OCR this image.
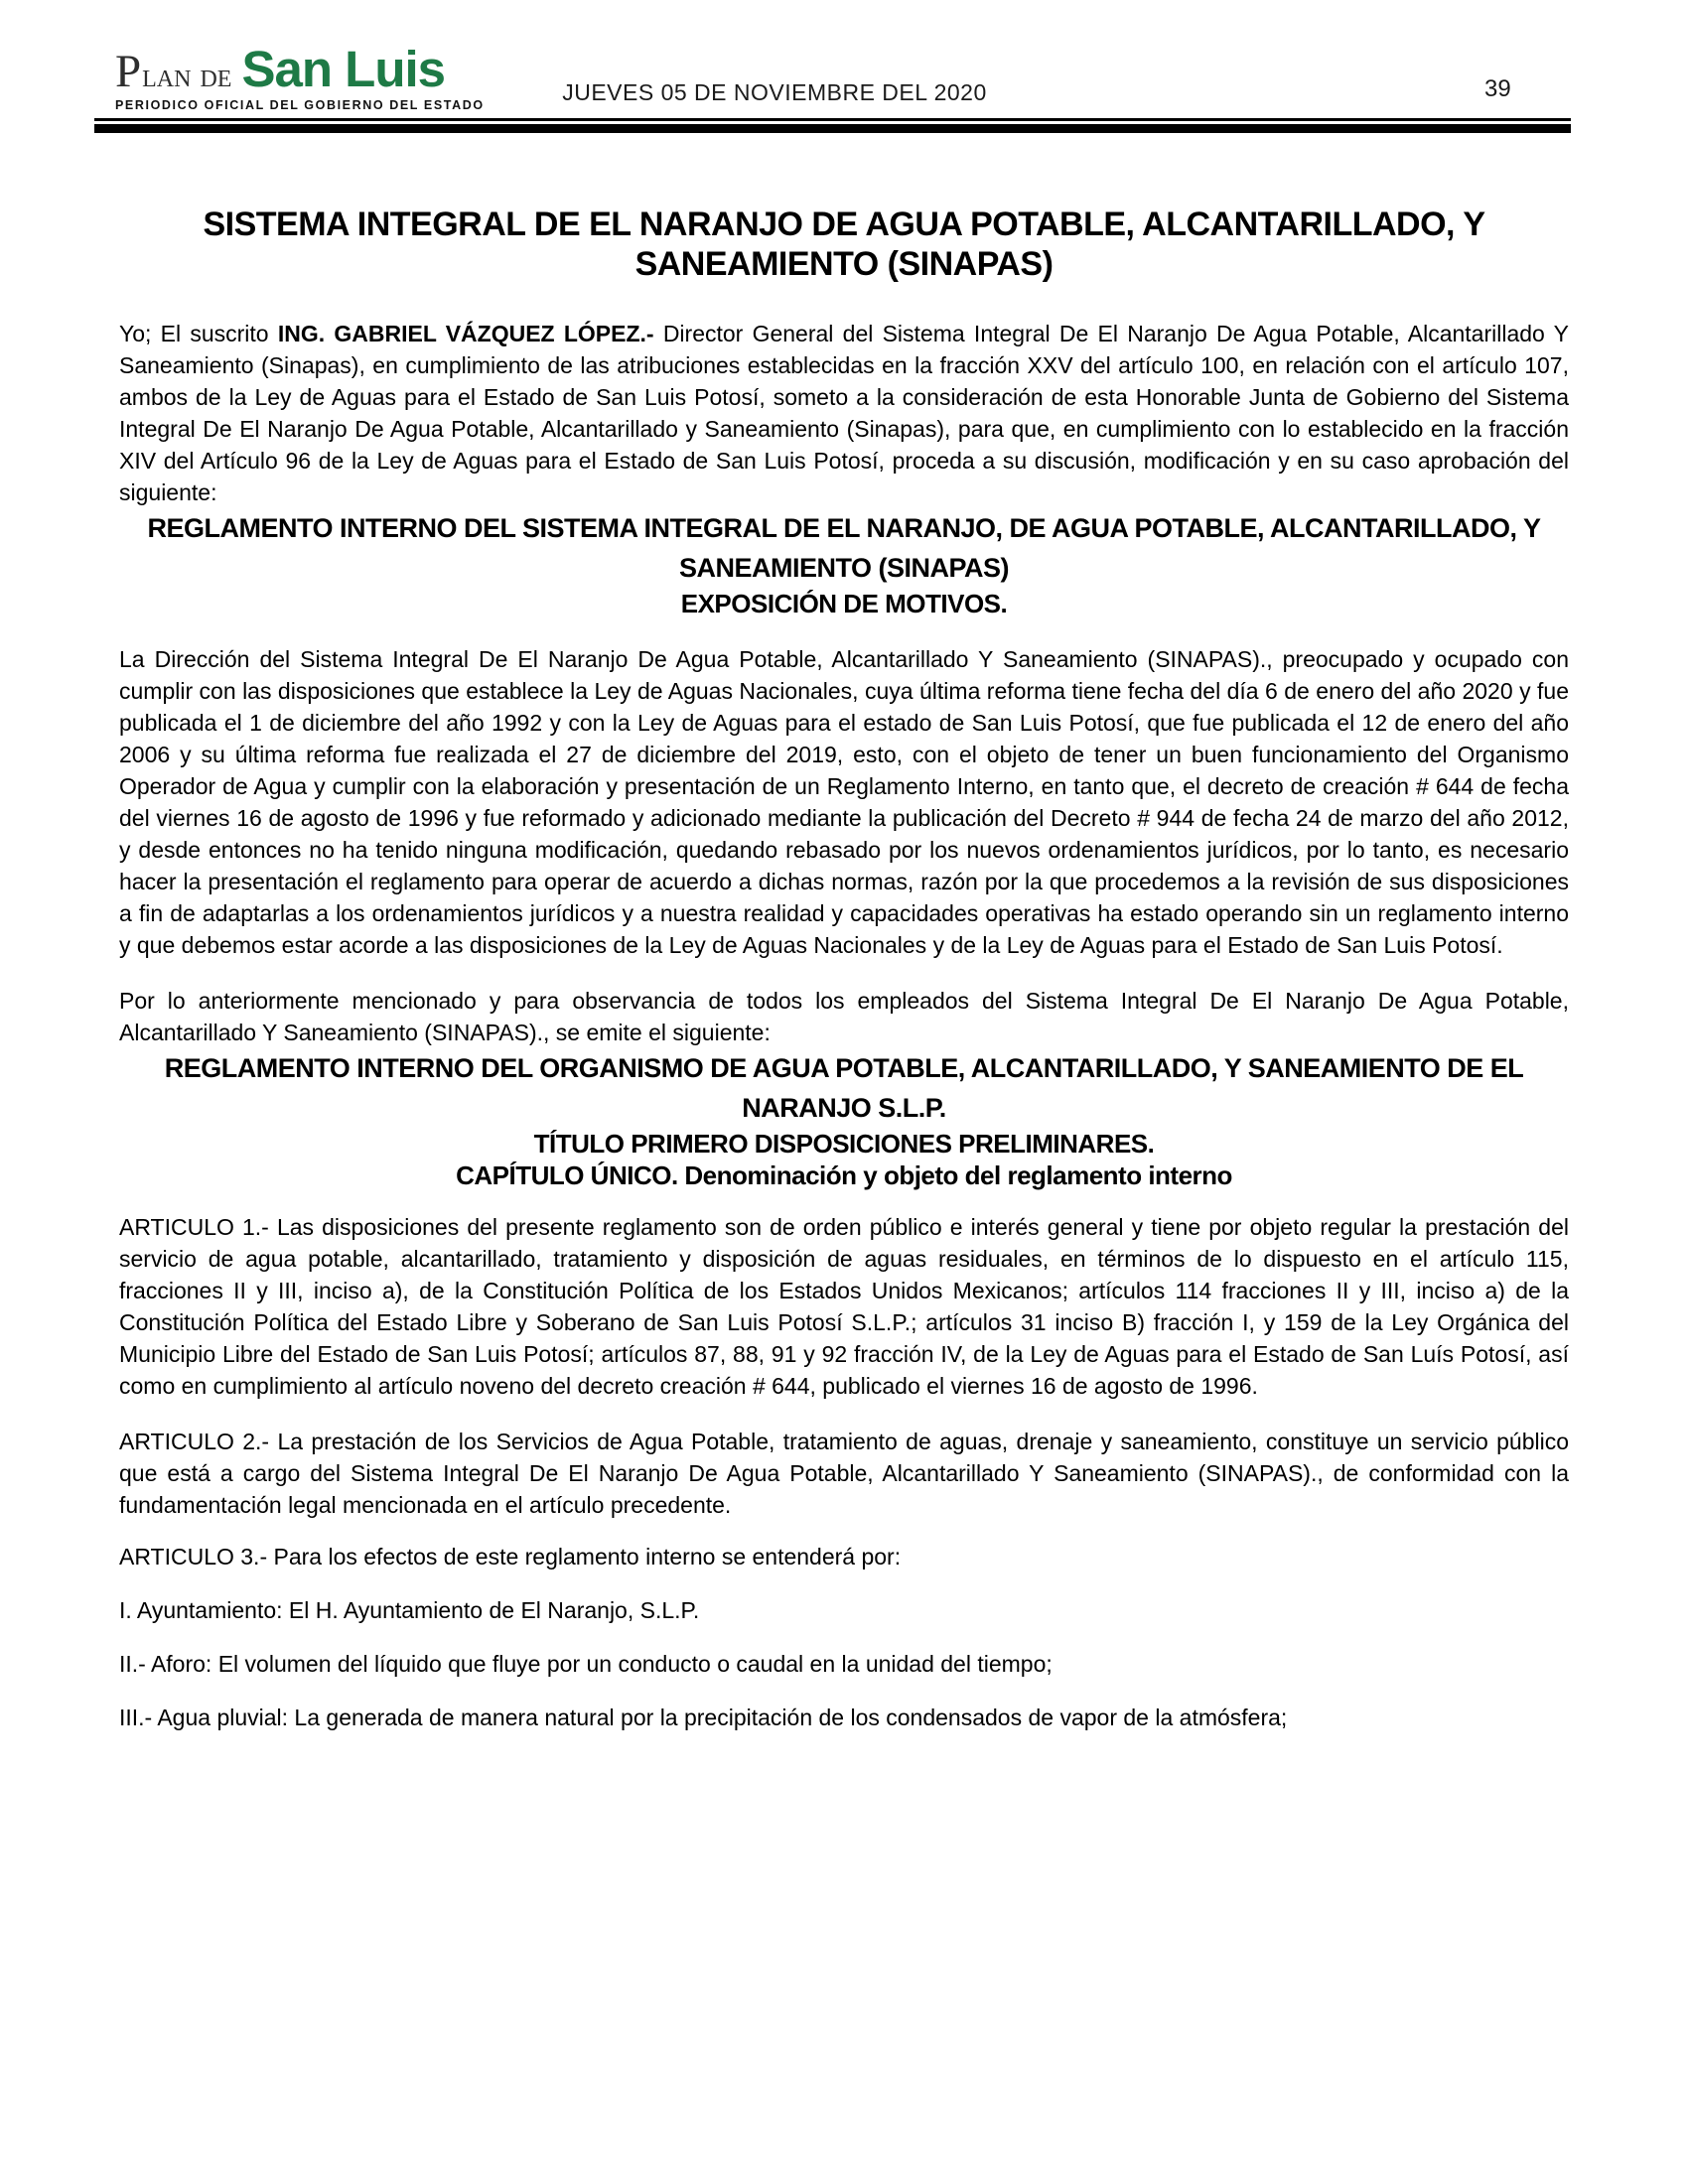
P LAN DE San Luis
PERIODICO OFICIAL DEL GOBIERNO DEL ESTADO	JUEVES 05 DE NOVIEMBRE DEL 2020	39
SISTEMA INTEGRAL DE EL NARANJO DE AGUA POTABLE, ALCANTARILLADO, Y SANEAMIENTO (SINAPAS)

Yo; El suscrito ING. GABRIEL VÁZQUEZ LÓPEZ.- Director General del Sistema Integral De El Naranjo De Agua Potable, Alcantarillado Y Saneamiento (Sinapas), en cumplimiento de las atribuciones establecidas en la fracción XXV del artículo 100, en relación con el artículo 107, ambos de la Ley de Aguas para el Estado de San Luis Potosí, someto a la consideración de esta Honorable Junta de Gobierno del Sistema Integral De El Naranjo De Agua Potable, Alcantarillado y Saneamiento (Sinapas), para que, en cumplimiento con lo establecido en la fracción XIV del Artículo 96 de la Ley de Aguas para el Estado de San Luis Potosí, proceda a su discusión, modificación y en su caso aprobación del siguiente:

REGLAMENTO INTERNO DEL SISTEMA INTEGRAL DE EL NARANJO, DE AGUA POTABLE, ALCANTARILLADO, Y SANEAMIENTO (SINAPAS)
EXPOSICIÓN DE MOTIVOS.

La Dirección del Sistema Integral De El Naranjo De Agua Potable, Alcantarillado Y Saneamiento (SINAPAS)., preocupado y ocupado con cumplir con las disposiciones que establece la Ley de Aguas Nacionales, cuya última reforma tiene fecha del día 6 de enero del año 2020 y fue publicada el 1 de diciembre del año 1992 y con la Ley de Aguas para el estado de San Luis Potosí, que fue publicada el 12 de enero del año 2006 y su última reforma fue realizada el 27 de diciembre del 2019, esto, con el objeto de tener un buen funcionamiento del Organismo Operador de Agua y cumplir con la elaboración y presentación de un Reglamento Interno, en tanto que, el decreto de creación # 644 de fecha del viernes 16 de agosto de 1996 y fue reformado y adicionado mediante la publicación del Decreto # 944 de fecha 24 de marzo del año 2012, y desde entonces no ha tenido ninguna modificación, quedando rebasado por los nuevos ordenamientos jurídicos, por lo tanto, es necesario hacer la presentación el reglamento para operar de acuerdo a dichas normas, razón por la que procedemos a la revisión de sus disposiciones a fin de adaptarlas a los ordenamientos jurídicos y a nuestra realidad y capacidades operativas ha estado operando sin un reglamento interno y que debemos estar acorde a las disposiciones de la Ley de Aguas Nacionales y de la Ley de Aguas para el Estado de San Luis Potosí.

Por lo anteriormente mencionado y para observancia de todos los empleados del Sistema Integral De El Naranjo De Agua Potable, Alcantarillado Y Saneamiento (SINAPAS)., se emite el siguiente:

REGLAMENTO INTERNO DEL ORGANISMO DE AGUA POTABLE, ALCANTARILLADO, Y SANEAMIENTO DE EL NARANJO S.L.P.
TÍTULO PRIMERO DISPOSICIONES PRELIMINARES.
CAPÍTULO ÚNICO. Denominación y objeto del reglamento interno

ARTICULO 1.- Las disposiciones del presente reglamento son de orden público e interés general y tiene por objeto regular la prestación del servicio de agua potable, alcantarillado, tratamiento y disposición de aguas residuales, en términos de lo dispuesto en el artículo 115, fracciones II y III, inciso a), de la Constitución Política de los Estados Unidos Mexicanos; artículos 114 fracciones II y III, inciso a) de la Constitución Política del Estado Libre y Soberano de San Luis Potosí S.L.P.; artículos 31 inciso B) fracción I, y 159 de la Ley Orgánica del Municipio Libre del Estado de San Luis Potosí; artículos 87, 88, 91 y 92 fracción IV, de la Ley de Aguas para el Estado de San Luís Potosí, así como en cumplimiento al artículo noveno del decreto creación # 644, publicado el viernes 16 de agosto de 1996.

ARTICULO 2.- La prestación de los Servicios de Agua Potable, tratamiento de aguas, drenaje y saneamiento, constituye un servicio público que está a cargo del Sistema Integral De El Naranjo De Agua Potable, Alcantarillado Y Saneamiento (SINAPAS)., de conformidad con la fundamentación legal mencionada en el artículo precedente.

ARTICULO 3.- Para los efectos de este reglamento interno se entenderá por:

I. Ayuntamiento: El H. Ayuntamiento de El Naranjo, S.L.P.

II.- Aforo: El volumen del líquido que fluye por un conducto o caudal en la unidad del tiempo;

III.- Agua pluvial: La generada de manera natural por la precipitación de los condensados de vapor de la atmósfera;
